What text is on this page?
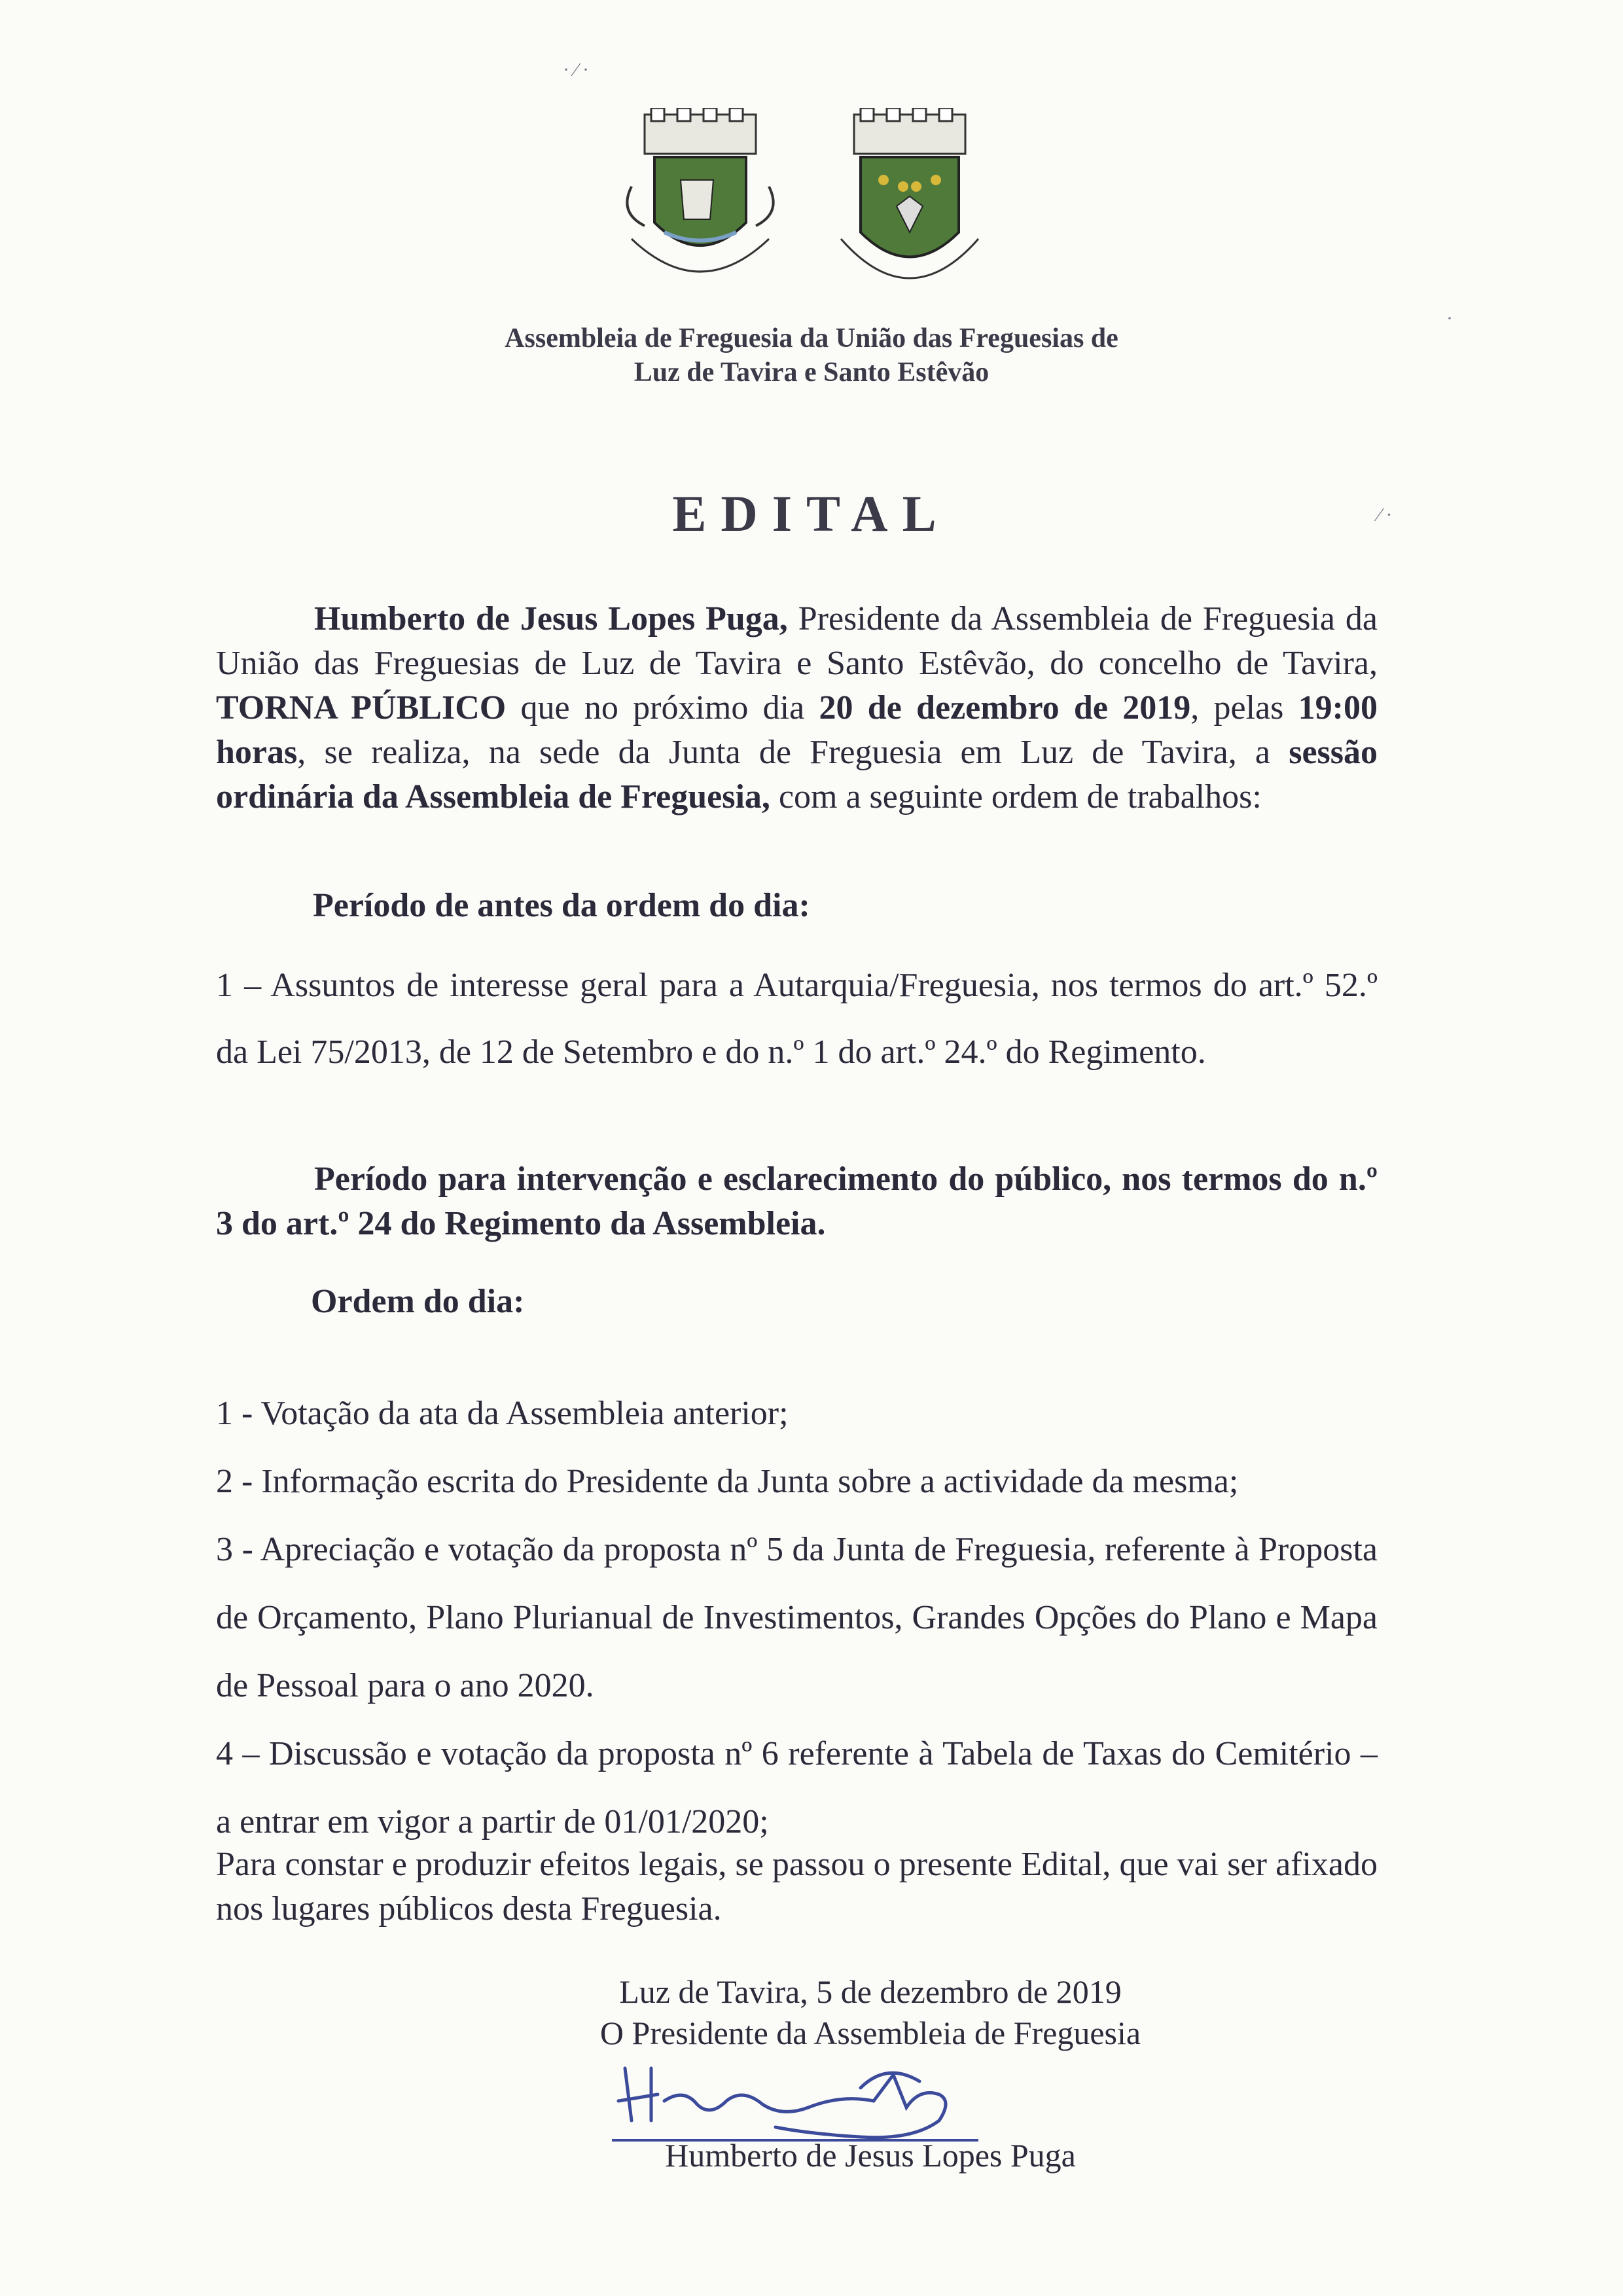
Assembleia de Freguesia da União das Freguesias de
Luz de Tavira e Santo Estêvão
EDITAL
Humberto de Jesus Lopes Puga, Presidente da Assembleia de Freguesia da União das Freguesias de Luz de Tavira e Santo Estêvão, do concelho de Tavira, TORNA PÚBLICO que no próximo dia 20 de dezembro de 2019, pelas 19:00 horas, se realiza, na sede da Junta de Freguesia em Luz de Tavira, a sessão ordinária da Assembleia de Freguesia, com a seguinte ordem de trabalhos:
Período de antes da ordem do dia:
1 – Assuntos de interesse geral para a Autarquia/Freguesia, nos termos do art.º 52.º da Lei 75/2013, de 12 de Setembro e do n.º 1 do art.º 24.º do Regimento.
Período para intervenção e esclarecimento do público, nos termos do n.º 3 do art.º 24 do Regimento da Assembleia.
Ordem do dia:
1 - Votação da ata da Assembleia anterior;
2 - Informação escrita do Presidente da Junta sobre a actividade da mesma;
3 - Apreciação e votação da proposta nº 5 da Junta de Freguesia, referente à Proposta de Orçamento, Plano Plurianual de Investimentos, Grandes Opções do Plano e Mapa de Pessoal para o ano 2020.
4 – Discussão e votação da proposta nº 6 referente à Tabela de Taxas do Cemitério – a entrar em vigor a partir de 01/01/2020;
Para constar e produzir efeitos legais, se passou o presente Edital, que vai ser afixado nos lugares públicos desta Freguesia.
Luz de Tavira, 5 de dezembro de 2019
O Presidente da Assembleia de Freguesia
Humberto de Jesus Lopes Puga
· ⁄ ·
·
⁄ ·
